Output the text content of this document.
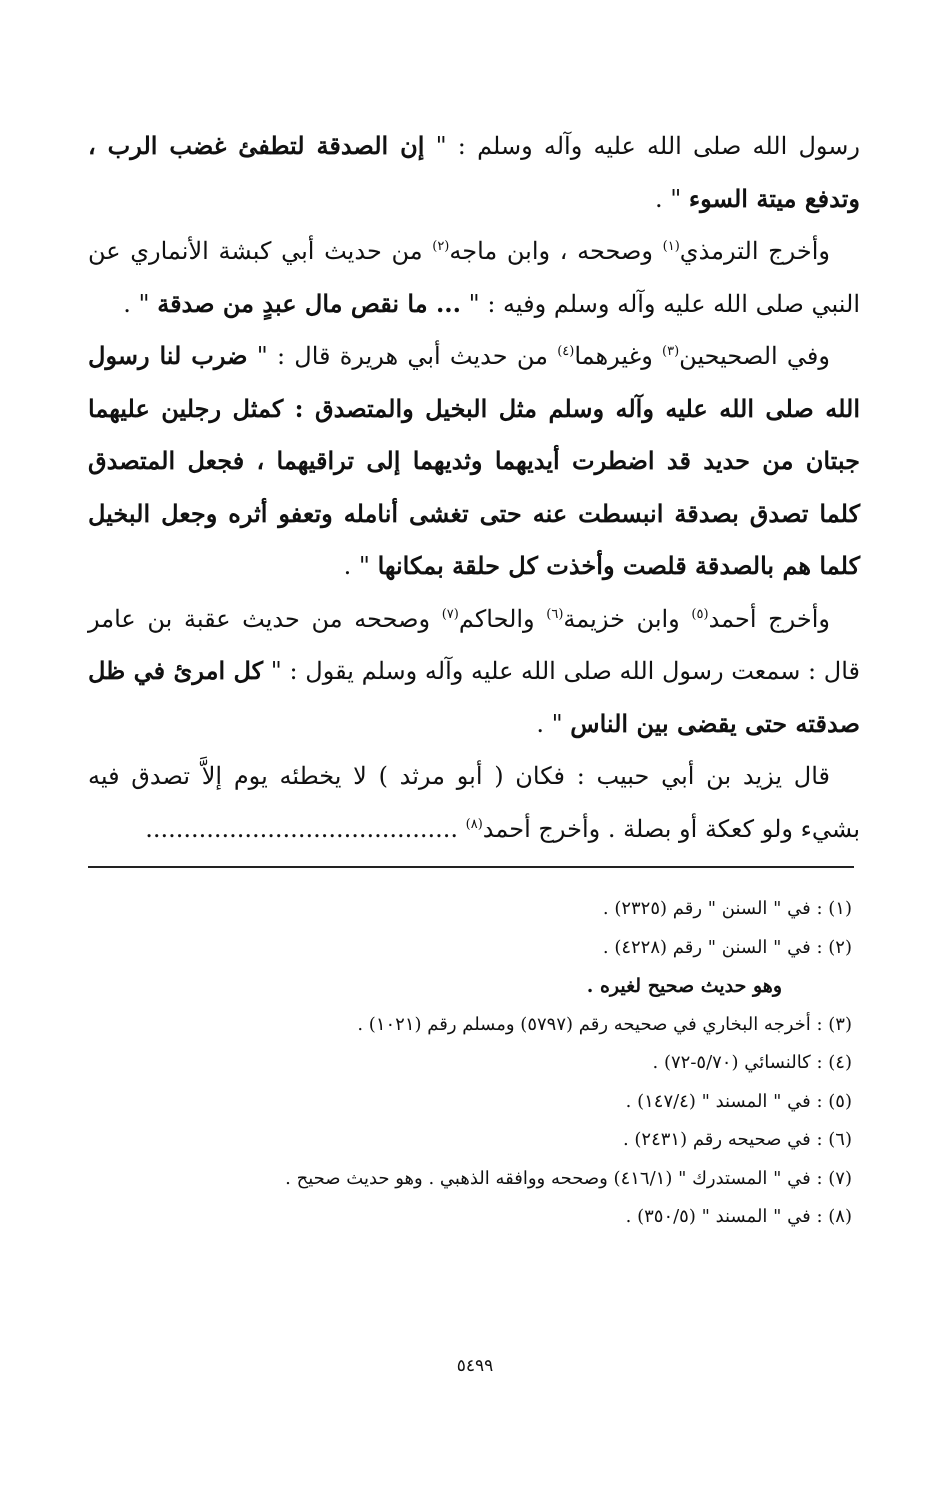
رسول الله صلى الله عليه وآله وسلم : " إن الصدقة لتطفئ غضب الرب ، وتدفع ميتة السوء " .

وأخرج الترمذي$^{(١)}$ وصححه ، وابن ماجه$^{(٢)}$ من حديث أبي كبشة الأنماري عن النبي صلى الله عليه وآله وسلم وفيه : " ... ما نقص مال عبدٍ من صدقة " .

وفي الصحيحين$^{(٣)}$ وغيرهما$^{(٤)}$ من حديث أبي هريرة قال : " ضرب لنا رسول الله صلى الله عليه وآله وسلم مثل البخيل والمتصدق : كمثل رجلين عليهما جبتان من حديد قد اضطرت أيديهما وثديهما إلى تراقيهما ، فجعل المتصدق كلما تصدق بصدقة انبسطت عنه حتى تغشى أنامله وتعفو أثره وجعل البخيل كلما هم بالصدقة قلصت وأخذت كل حلقة بمكانها " .

وأخرج أحمد$^{(٥)}$ وابن خزيمة$^{(٦)}$ والحاكم$^{(٧)}$ وصححه من حديث عقبة بن عامر قال : سمعت رسول الله صلى الله عليه وآله وسلم يقول : " كل امرئ في ظل صدقته حتى يقضى بين الناس " .

قال يزيد بن أبي حبيب : فكان ( أبو مرثد ) لا يخطئه يوم إلاَّ تصدق فيه بشيء ولو كعكة أو بصلة . وأخرج أحمد$^{(٨)}$ .........................................

(١) : في " السنن " رقم (٢٣٢٥) .

(٢) : في " السنن " رقم (٤٢٢٨) .

وهو حديث صحيح لغيره .

(٣) : أخرجه البخاري في صحيحه رقم (٥٧٩٧) ومسلم رقم (١٠٢١) .

(٤) : كالنسائي (٥/٧٠-٧٢) .

(٥) : في " المسند " (١٤٧/٤) .

(٦) : في صحيحه رقم (٢٤٣١) .

(٧) : في " المستدرك " (٤١٦/١) وصححه ووافقه الذهبي . وهو حديث صحيح .

(٨) : في " المسند " (٣٥٠/٥) .

٥٤٩٩
